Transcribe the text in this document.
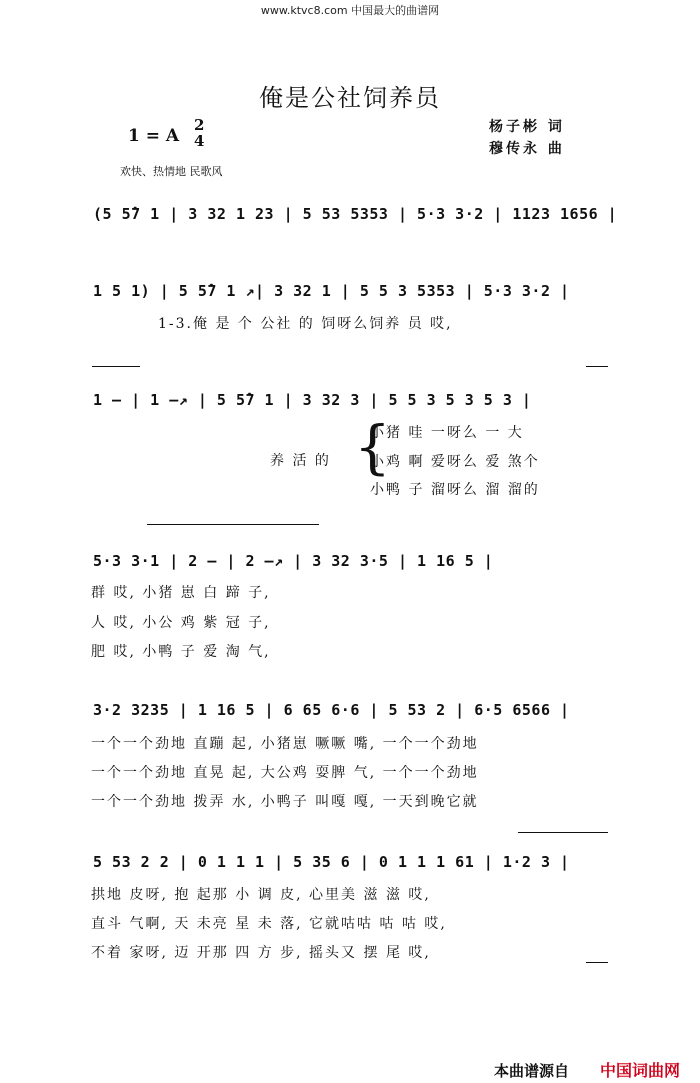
www.ktvc8.com 中国最大的曲谱网
俺是公社饲养员
1 = A
2
4
杨子彬 词
穆传永 曲
欢快、热情地 民歌风
(5 5̂7 1 | 3 32 1 23 | 5 53 5353 | 5·3 3·2 | 1123 1656 |
1 5 1) | 5 5̂7 1 ↗| 3 32 1 | 5 5 3 5353 | 5·3 3·2 |
1-3.俺 是 个 公社 的 饲呀么饲养 员 哎,
1 — | 1 —↗ | 5 5̂7 1 | 3 32 3 | 5 5 3 5 3 5 3 |
养 活 的 {
小猪 哇 一呀么 一 大
小鸡 啊 爱呀么 爱 煞个
小鸭 子 溜呀么 溜 溜的
5·3 3·1 | 2 — | 2 —↗ | 3 32 3·5 | 1 16 5 |
群 哎, 小猪 崽 白 蹄 子,
人 哎, 小公 鸡 紫 冠 子,
肥 哎, 小鸭 子 爱 淘 气,
3·2 3235 | 1 16 5 | 6 65 6·6 | 5 53 2 | 6·5 6566 |
一个一个劲地 直蹦 起, 小猪崽 噘噘 嘴, 一个一个劲地
一个一个劲地 直晃 起, 大公鸡 耍脾 气, 一个一个劲地
一个一个劲地 拨弄 水, 小鸭子 叫嘎 嘎, 一天到晚它就
5 53 2 2 | 0 1 1 1 | 5 35 6 | 0 1 1 1 61 | 1·2 3 |
拱地 皮呀, 抱 起那 小 调 皮, 心里美 滋 滋 哎,
直斗 气啊, 天 未亮 星 未 落, 它就咕咕 咕 咕 哎,
不着 家呀, 迈 开那 四 方 步, 摇头又 摆 尾 哎,
本曲谱源自 中国词曲网
